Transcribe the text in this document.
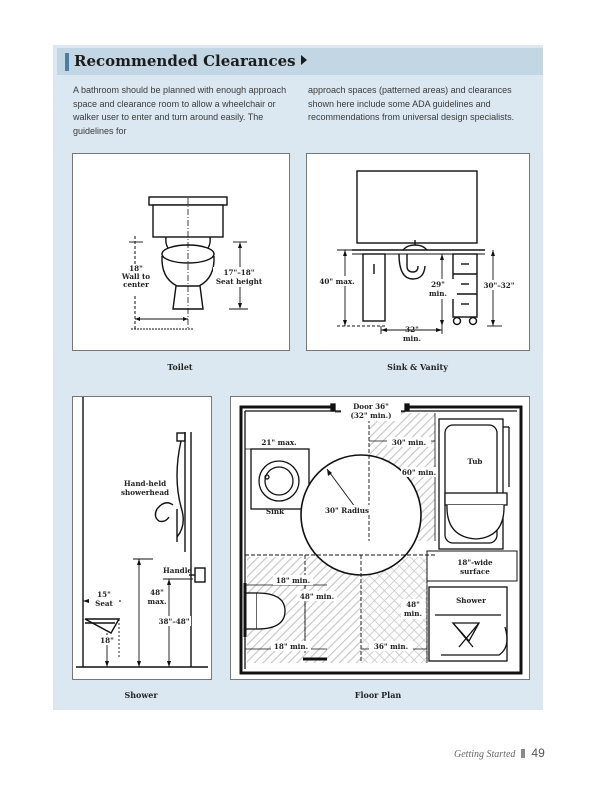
Recommended Clearances
A bathroom should be planned with enough approach space and clearance room to allow a wheelchair or walker user to enter and turn around easily. The guidelines for
approach spaces (patterned areas) and clearances shown here include some ADA guidelines and recommendations from universal design specialists.
18"
Wall to
center
17"–18"
Seat height
Toilet
40" max.	29"
min.
30"–32"
32"
min.
Sink & Vanity
Hand-held
showerhead
Handle
15"
Seat
48"
max.
38"–48"
18"
Shower
Door 36"
(32" min.)
21" max.	30" min.
60" min.
Tub
Sink	30" Radius
18"-wide
surface
18" min.
48" min.
48"
min.
Shower
18" min.	36" min.
Floor Plan
Getting Started 49
